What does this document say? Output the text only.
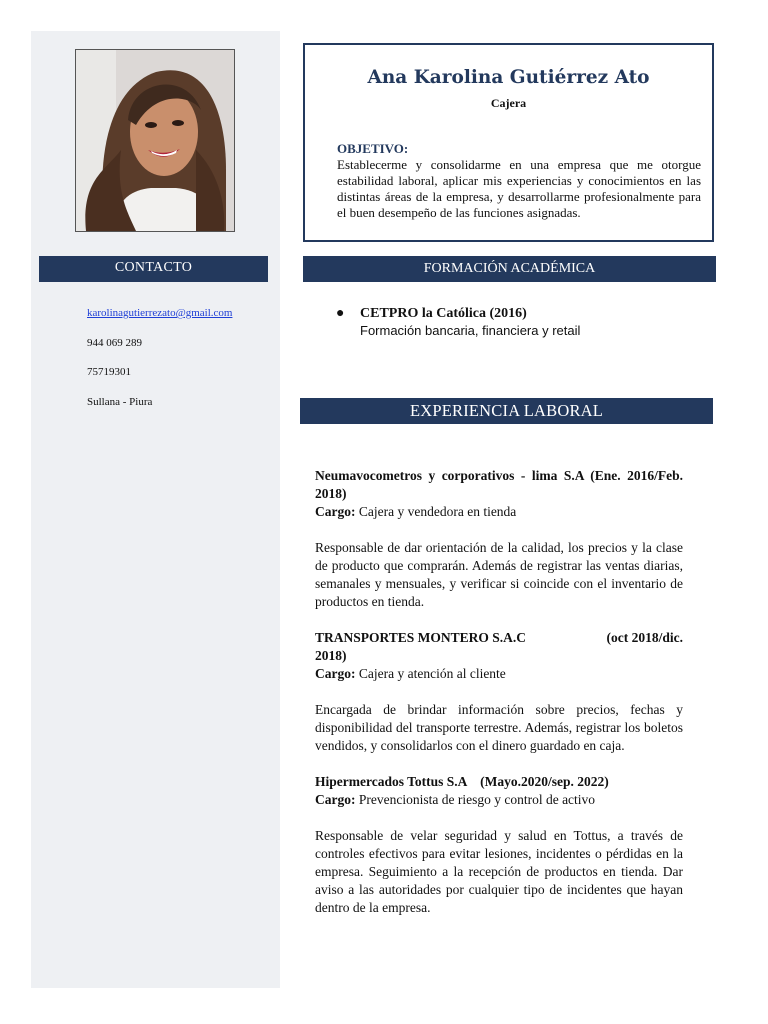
CONTACTO
karolinagutierrezato@gmail.com
944 069 289
75719301
Sullana - Piura
Ana Karolina Gutiérrez Ato
Cajera
OBJETIVO:
Establecerme y consolidarme en una empresa que me otorgue estabilidad laboral, aplicar mis experiencias y conocimientos en las distintas áreas de la empresa, y desarrollarme profesionalmente para el buen desempeño de las funciones asignadas.
FORMACIÓN ACADÉMICA
● CETPRO la Católica (2016)
Formación bancaria, financiera y retail
EXPERIENCIA LABORAL

Neumavocometros y corporativos - lima S.A (Ene. 2016/Feb. 2018)

Cargo: Cajera y vendedora en tienda

Responsable de dar orientación de la calidad, los precios y la clase de producto que comprarán. Además de registrar las ventas diarias, semanales y mensuales, y verificar si coincide con el inventario de productos en tienda.

TRANSPORTES MONTERO S.A.C	(oct 2018/dic.

2018)

Cargo: Cajera y atención al cliente

Encargada de brindar información sobre precios, fechas y disponibilidad del transporte terrestre. Además, registrar los boletos vendidos, y consolidarlos con el dinero guardado en caja.

Hipermercados Tottus S.A    (Mayo.2020/sep. 2022)

Cargo: Prevencionista de riesgo y control de activo

Responsable de velar seguridad y salud en Tottus, a través de controles efectivos para evitar lesiones, incidentes o pérdidas en la empresa. Seguimiento a la recepción de productos en tienda. Dar aviso a las autoridades por cualquier tipo de incidentes que hayan dentro de la empresa.
